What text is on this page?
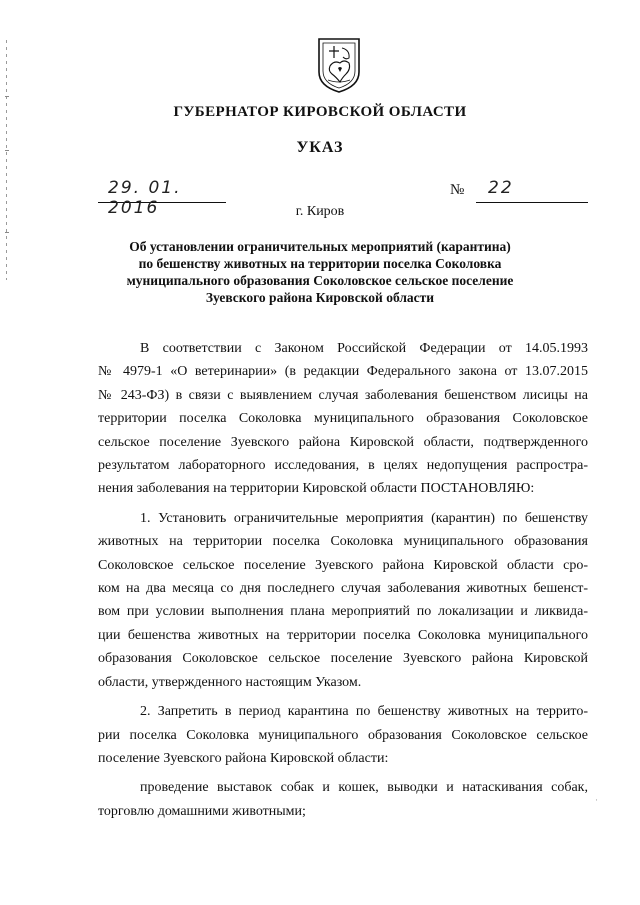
ГУБЕРНАТОР КИРОВСКОЙ ОБЛАСТИ
УКАЗ
29. 01. 2016
№ 22
г. Киров
Об установлении ограничительных мероприятий (карантина)
по бешенству животных на территории поселка Соколовка
муниципального образования Соколовское сельское поселение
Зуевского района Кировской области
В соответствии с Законом Российской Федерации от 14.05.1993
№ 4979-1 «О ветеринарии» (в редакции Федерального закона от 13.07.2015
№ 243-ФЗ) в связи с выявлением случая заболевания бешенством лисицы на
территории поселка Соколовка муниципального образования Соколовское
сельское поселение Зуевского района Кировской области, подтвержденного
результатом лабораторного исследования, в целях недопущения распростра-
нения заболевания на территории Кировской области ПОСТАНОВЛЯЮ:
1. Установить ограничительные мероприятия (карантин) по бешенству
животных на территории поселка Соколовка муниципального образования
Соколовское сельское поселение Зуевского района Кировской области сро-
ком на два месяца со дня последнего случая заболевания животных бешенст-
вом при условии выполнения плана мероприятий по локализации и ликвида-
ции бешенства животных на территории поселка Соколовка муниципального
образования Соколовское сельское поселение Зуевского района Кировской
области, утвержденного настоящим Указом.
2. Запретить в период карантина по бешенству животных на террито-
рии поселка Соколовка муниципального образования Соколовское сельское
поселение Зуевского района Кировской области:
проведение выставок собак и кошек, выводки и натаскивания собак,
торговлю домашними животными;
·
